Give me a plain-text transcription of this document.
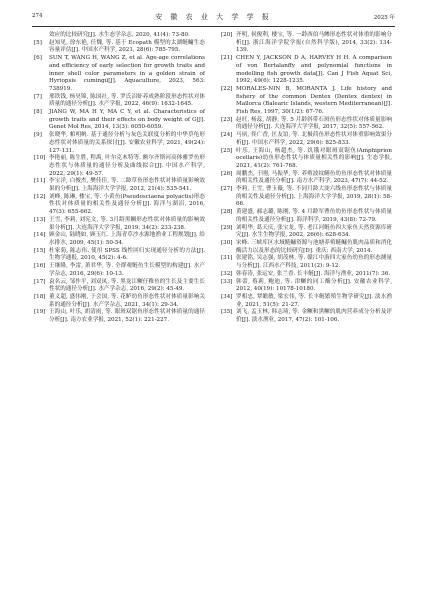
274	安 徽 农 业 大 学 学 报	2025 年
效应的比较研究[J]. 水生态学杂志, 2020, 41(4): 73-80.
[5]	赵知见, 徐东艳, 任魏, 等. 基于 Ecopath 模型的太湖鲢鳙生态容量评估[J]. 中国水产科学, 2021, 28(6): 785-795.
[6]	SUN T, WANG H, WANG Z, et al. Age-age correlations and efficiency of early selection for growth traits and inner shell color parameters in a golden strain of Hyriopsis cumingii[J]. Aquaculture, 2023, 563: 738919.
[7]	邢铁钱, 杨昊锦, 陈国社, 等. 罗氏沼虾养成熟阶段形态性状对体质量的通径分析[J]. 水产学报, 2022, 46(9): 1632-1645.
[8]	JIANG W, MA H Y, MA C Y, et al. Characteristics of growth traits and their effects on body weight of G[J]. Genet Mol Res, 2014, 13(3): 6050-6059.
[9]	张晓华, 帕明帆. 基于通径分析与灰色关联度分析的中华草龟形态性状对体质量的关系探讨[J]. 安徽农业科学, 2021, 49(24): 127-131.
[10] 李艳丽, 陈生胜, 程禹, 叶尔克木特等. 额尔齐斯河高体雅罗鱼形态性状与体质量的通径分析及曲线拟合[J]. 中国水产科学, 2022, 29(1): 49-57.
[11] 李宝洋, 白俊杰, 樊佳佳, 等. 二龄草鱼形态性状对体质量影响效果的分析[J]. 上海海洋大学学报, 2012, 21(4): 535-541.
[12] 刘峰, 陈琳, 楼宝, 等. 小黄鱼(Pseudosciaena polyactis)形态性状对体质量的相关性及通径分析[J]. 海洋与湖沼, 2016, 47(3): 655-662.
[13] 王雪, 李莉, 刘宪文, 等. 3月龄黑鲷形态性状对体质量的影响效果分析[J]. 大连海洋大学学报, 2019, 34(2): 233-238.
[14] 顾金山, 陆晓如, 顾玉红. 上海青草沙水源地渔业工程规划[J]. 给水排水, 2009, 45(1): 50-54.
[15] 杜家菊, 陈志伟. 使用 SPSS 线性回归实现通径分析的方法[J]. 生物学通报, 2010, 45(2): 4-6.
[16] 王继隆, 李雷, 萧君华, 等. 全群观鲢鱼生长模型的构建[J]. 水产学杂志, 2016, 29(6): 10-13.
[17] 袁名云, 邹作平, 刘双凤, 等. 黑龙江鳜仔稚鱼的生长及主要生长性状的通径分析[J]. 水产学杂志, 2016, 29(2): 45-49.
[18] 董义超, 盛伟刚, 于会国, 等. 花鲈幼鱼形态性状对体质量影响关系的通径分析[J]. 水产学杂志, 2021, 34(1): 29-34.
[19] 王海山, 叶乐, 胡清雨, 等. 眼斑双锯鱼形态性状对体质量的通径分析[J]. 南方农业学报, 2021, 52(1): 221-227.
[20] 齐明, 侯俊利, 楼宝, 等. 一龄西伯马鲹形态性状对体重的影响分析[J]. 浙江海洋学院学报(自然科学版), 2014, 33(2): 134-139.
[21] CHEN Y, JACKSON D A, HARVEY H H. A comparison of von Bertalanffy and polynomial functions in modelling fish growth data[J]. Can J Fish Aquat Sci, 1992, 49(6): 1228-1235.
[22] MORALES-NIN B, MORANTA J. Life history and fishery of the common Dentex (Dentex dentex) in Mallorca (Balearic Islands, western Mediterranean)[J]. Fish Res, 1997, 30(1/2): 67-76.
[23] 赵旺, 杨蕊, 胡静, 等. 5 月龄斜带石斑鱼形态性状对体质量影响的通径分析[J]. 大连海洋大学学报, 2017, 32(5): 557-562.
[24] 马夙, 佟广香, 匡友谊, 等. 北极茴鱼形态性状对体重影响效果分析[J]. 中国水产科学, 2022, 29(6): 825-833.
[25] 叶乐, 王海山, 杨超杰, 等. 饥饿对眼斑双锯鱼(Amphiprion ocellaris)幼鱼形态性状与体质量相关性的影响[J]. 生态学报, 2021, 41(2): 761-768.
[26] 周鹏杰, 于刚, 马振华, 等. 养殖波纹鳝鱼幼鱼形态性状对体质量的相关性及通径分析[J]. 南方水产科学, 2023, 47(7): 44-52.
[27] 李莉, 王雪, 曹玉薇, 等. 不同月龄大泷六线鱼形态性状与体质量的相关性及通径分析[J]. 上海海洋大学学报, 2019, 28(1): 58-66.
[28] 黄建盛, 郝志璐, 陈刚, 等. 4 月龄军曹鱼幼鱼形态性状与体质量的相关性及通径分析[J]. 海洋科学, 2019, 43(8): 72-79.
[29] 刘明华, 葛天庆, 张宝龙, 等. 老江河鲢鱼四大家鱼天然资源库研究[J]. 水生生物学报, 2002, 26(6): 628-634.
[30] 宋峰. 三峡库区水域鲢鳙资源与池塘养殖鲢鳙鱼肌肉品质和消化酶活力以及形态的比较研究[D]. 重庆: 西南大学, 2014.
[31] 张建铭, 吴志强, 胡茂林, 等. 赣江中游四大家鱼幼鱼的形态测量与分析[J]. 江西水产科技, 2011(2): 9-12.
[32] 韩春涛, 张运安, 张兰香. 长丰鲢[J]. 海洋与渔业, 2011(7): 36.
[33] 韩蕾, 蔡莉, 鲍迪, 等. 津鳜的同工酶分析[J]. 安徽农业科学, 2012, 40(19): 10178-10180.
[34] 罗相忠, 覃瞻敏, 梁宏伟, 等. 长丰鲢繁殖生物学研究[J]. 淡水渔业, 2021, 51(5): 21-27.
[35] 刘飞, 孟玉林, 韩志琦, 等. 金鳜和黑鳜的肌肉营养成分分析及评价[J]. 淡水渔业, 2017, 47(2): 101-106.
